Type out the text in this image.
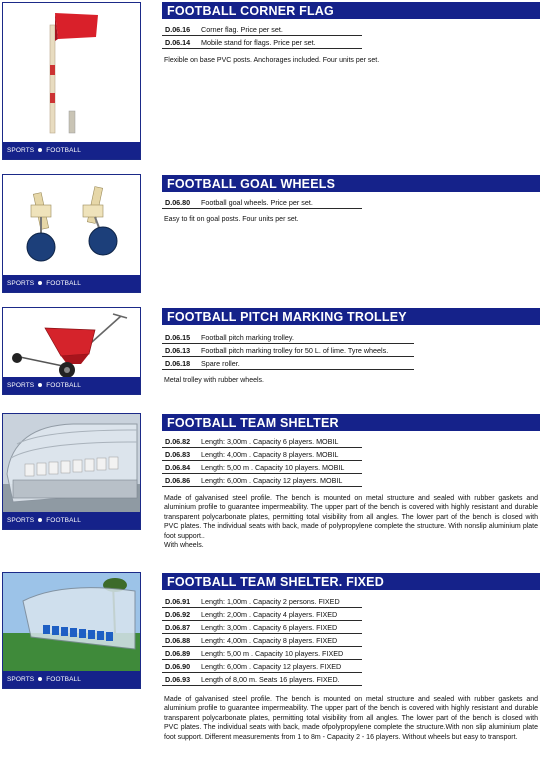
SPORTS FOOTBALL
FOOTBALL CORNER FLAG
D.06.16 Corner flag. Price per set.
D.06.14 Mobile stand for flags. Price per set.
Flexible on base PVC posts. Anchorages included. Four units per set.
SPORTS FOOTBALL
FOOTBALL GOAL WHEELS
D.06.80 Football goal wheels. Price per set.
Easy to fit on goal posts. Four units per set.
SPORTS FOOTBALL
FOOTBALL PITCH MARKING TROLLEY
D.06.15 Football pitch marking trolley.
D.06.13 Football pitch marking trolley for 50 L. of lime. Tyre wheels.
D.06.18 Spare roller.
Metal trolley with rubber wheels.
SPORTS FOOTBALL
FOOTBALL TEAM SHELTER
D.06.82 Length: 3,00m . Capacity 6 players. MOBIL
D.06.83 Length: 4,00m . Capacity 8 players. MOBIL
D.06.84 Length: 5,00 m . Capacity 10 players. MOBIL
D.06.86 Length: 6,00m . Capacity 12 players. MOBIL
Made of galvanised steel profile. The bench is mounted on metal structure and sealed with rubber gaskets and aluminium profile to guarantee impermeability. The upper part of the bench is covered with highly resistant and durable transparent polycarbonate plates, permitting total visibility from all angles. The lower part of the bench is closed with PVC plates. The individual seats with back, made of polypropylene complete the structure. With nonslip aluminium plate foot support..
With wheels.
SPORTS FOOTBALL
FOOTBALL TEAM SHELTER. FIXED
D.06.91 Length: 1,00m . Capacity 2 persons. FIXED
D.06.92 Length: 2,00m . Capacity 4 players. FIXED
D.06.87 Length: 3,00m . Capacity 6 players. FIXED
D.06.88 Length: 4,00m . Capacity 8 players. FIXED
D.06.89 Length: 5,00 m . Capacity 10 players. FIXED
D.06.90 Length: 6,00m . Capacity 12 players. FIXED
D.06.93 Length of 8,00 m. Seats 16 players. FIXED.
Made of galvanised steel profile. The bench is mounted on metal structure and sealed with rubber gaskets and aluminium profile to guarantee impermeability. The upper part of the bench is covered with highly resistant and durable transparent polycarbonate plates, permitting total visibility from all angles. The lower part of the bench is closed with PVC plates. The individual seats with back, made ofpolypropylene complete the structure.With non slip aluminium plate foot support. Different measurements from 1 to 8m - Capacity 2 - 16 players. Without wheels but easy to transport.
